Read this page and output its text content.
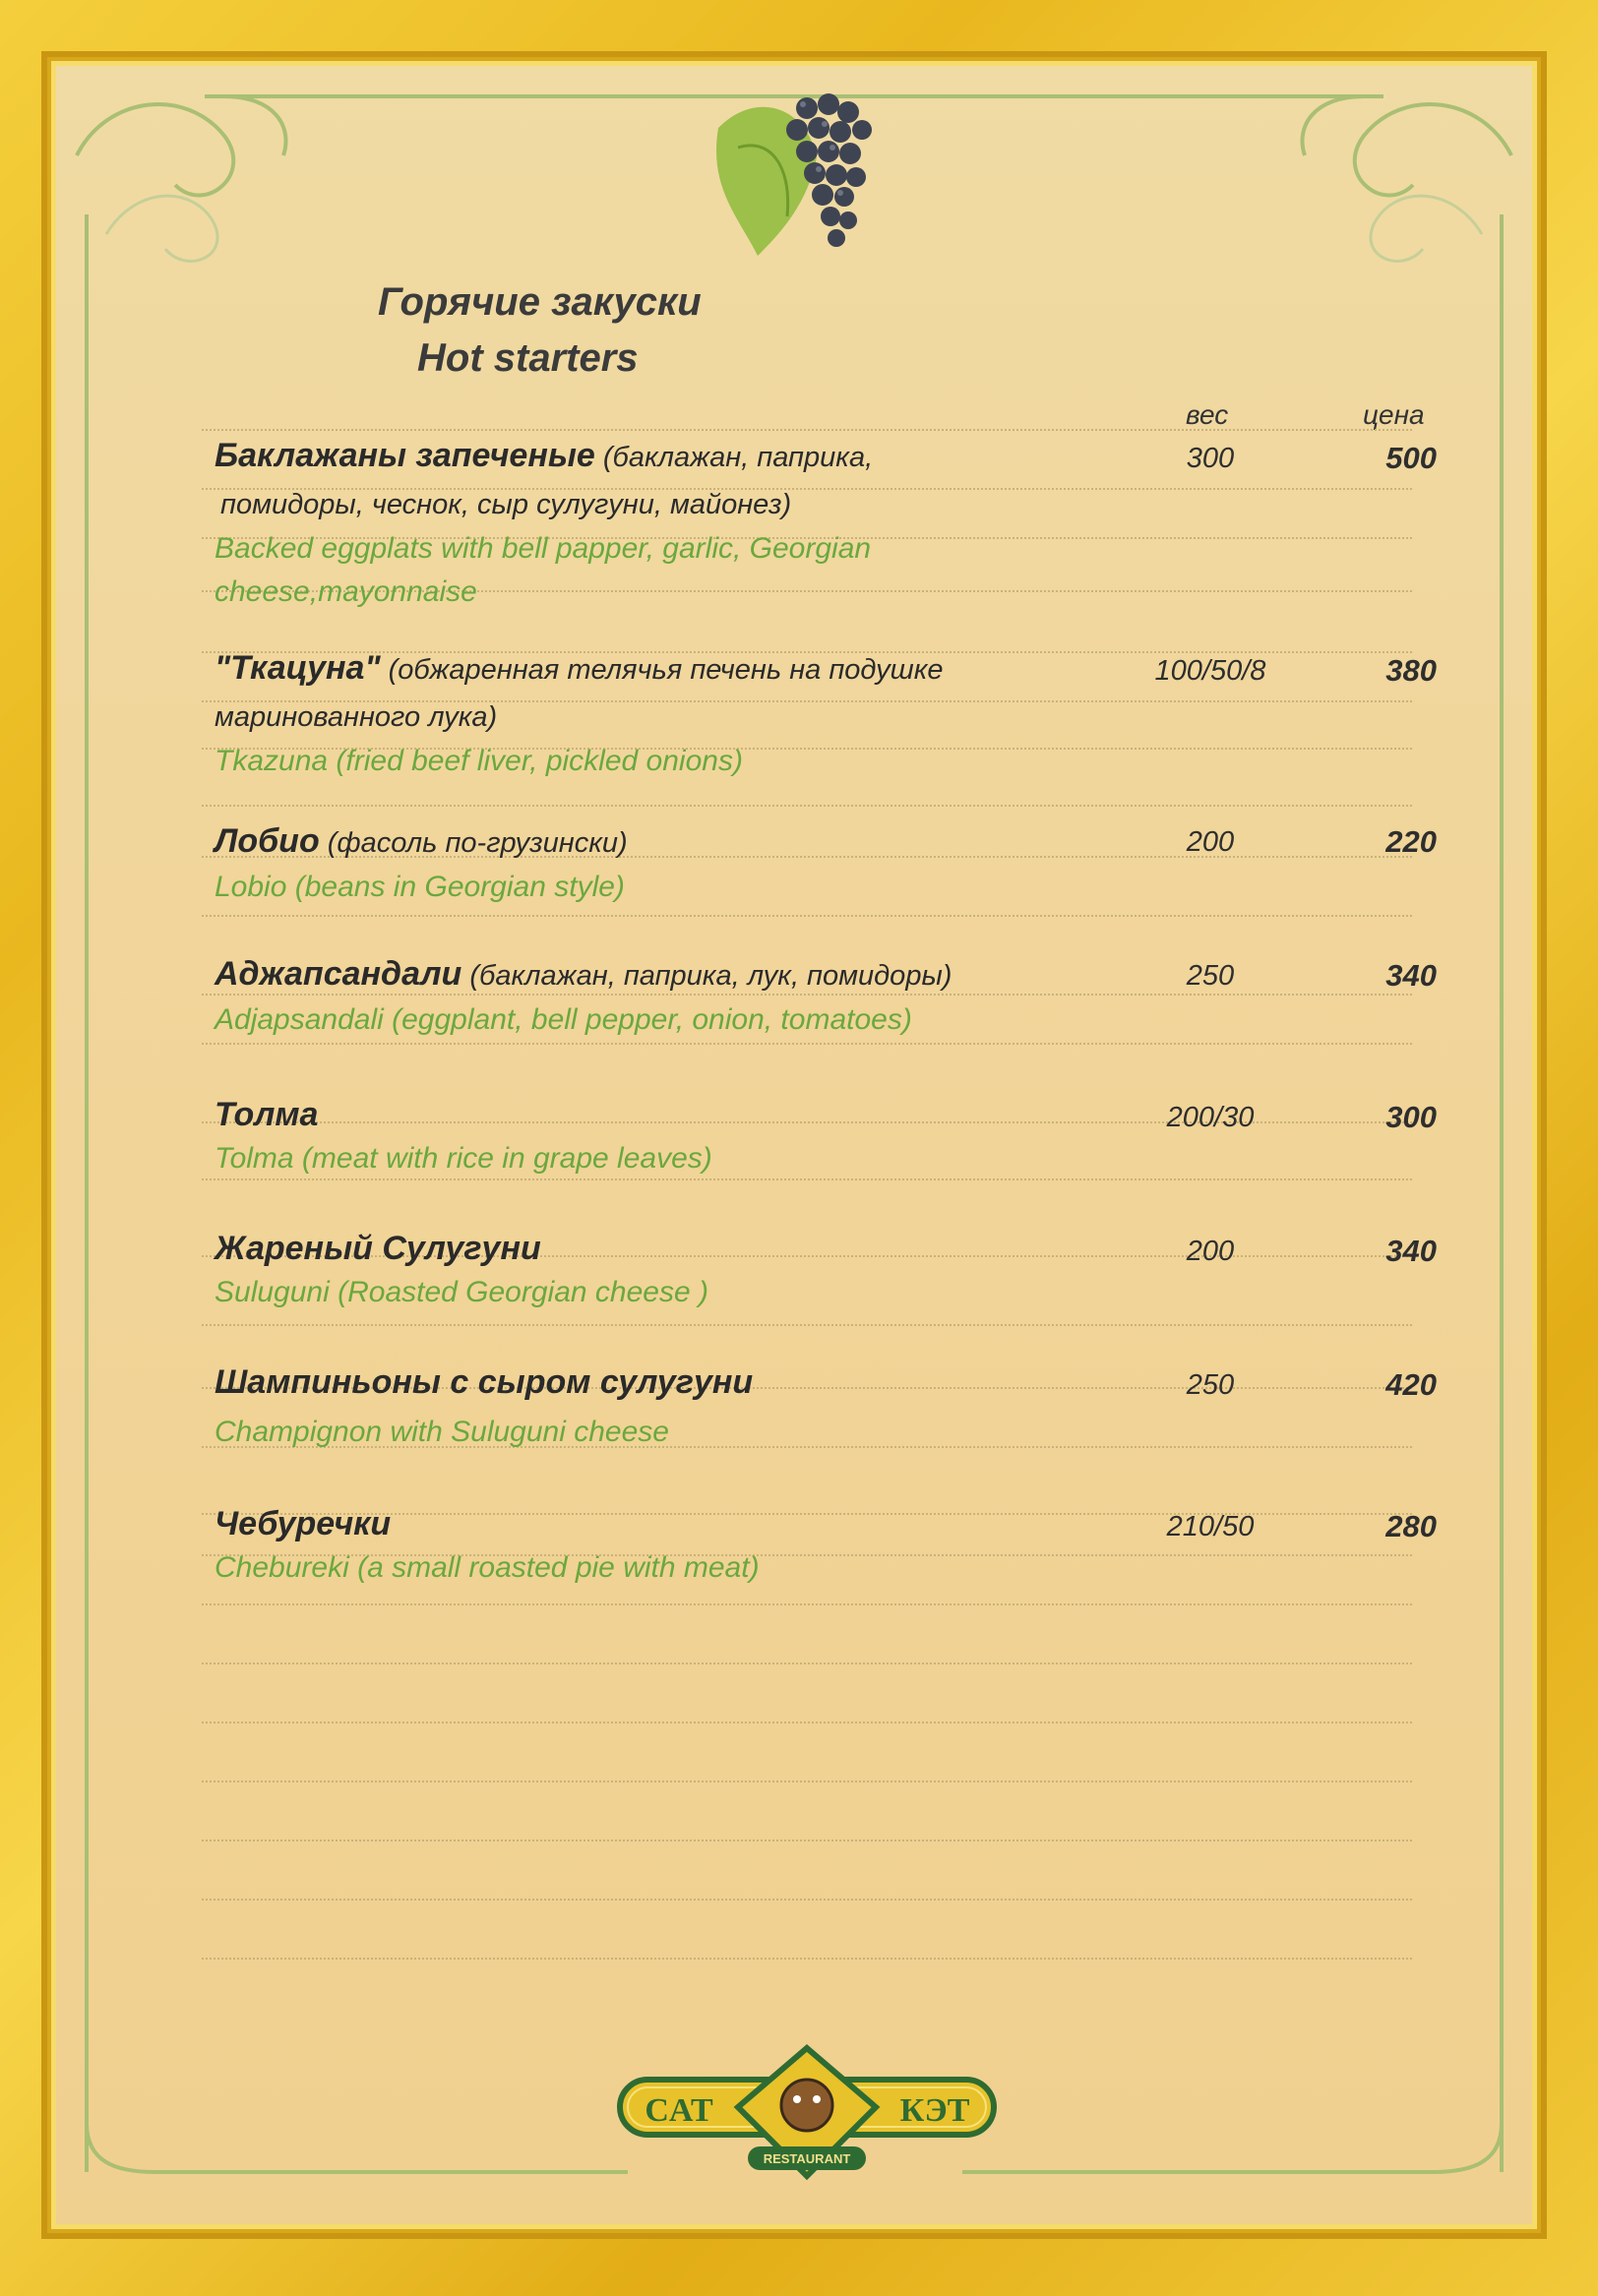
Горячие закуски
Hot starters
вес	цена
Баклажаны запеченые (баклажан, паприка,
помидоры, чеснок, сыр сулугуни, майонез)
Backed eggplats with bell papper, garlic, Georgian
cheese,mayonnaise
300	500
"Ткацуна" (обжаренная телячья печень на подушке
маринованного лука)
Tkazuna (fried beef liver, pickled onions)
100/50/8	380
Лобио (фасоль по-грузински)
Lobio (beans in Georgian style)
200	220
Аджапсандали (баклажан, паприка, лук, помидоры)
Adjapsandali (eggplant, bell pepper, onion, tomatoes)
250	340
Толма
Tolma (meat with rice in grape leaves)
200/30	300
Жареный Сулугуни
Suluguni (Roasted Georgian cheese )
200	340
Шампиньоны с сыром сулугуни
Champignon with Suluguni cheese
250	420
Чебуречки
Chebureki (a small roasted pie with meat)
210/50	280
CAT	КЭТ
RESTAURANT
